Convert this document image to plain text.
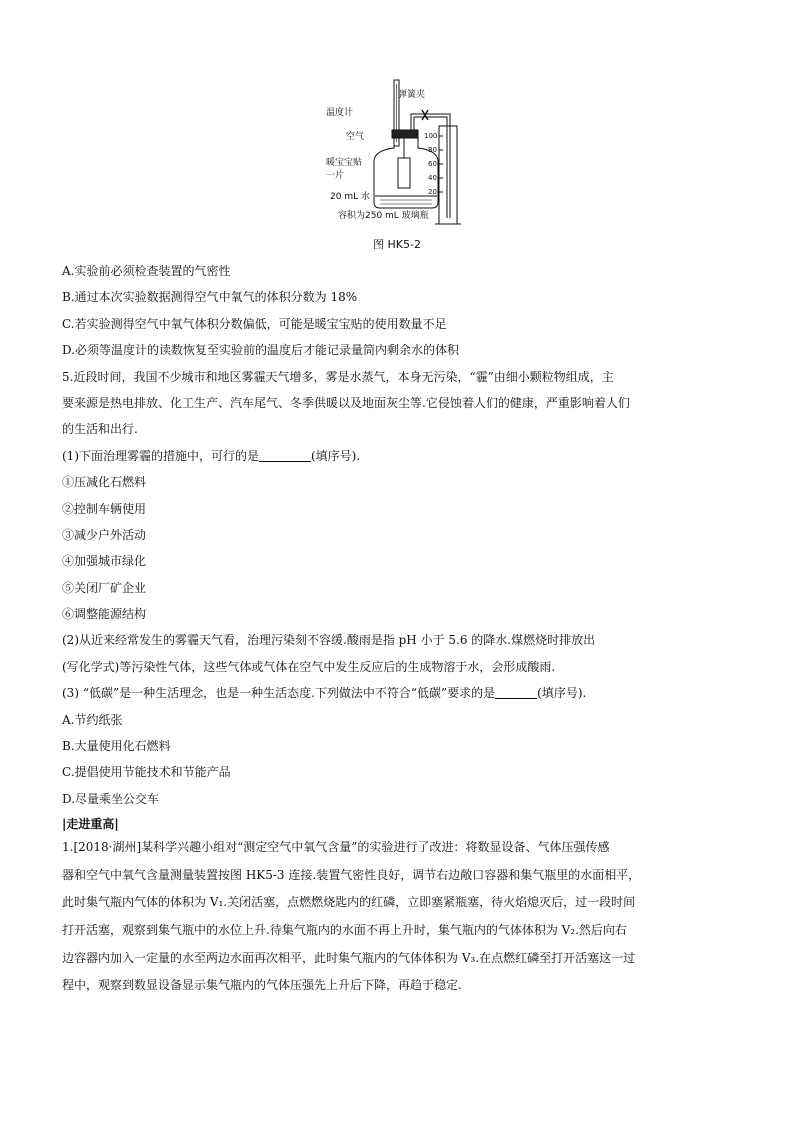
100
80
60
40
20
温度计
弹簧夹
空气
暖宝宝贴
一片
20 mL 水
容积为250 mL 玻璃瓶
图 HK5-2
A.实验前必须检查装置的气密性
B.通过本次实验数据测得空气中氧气的体积分数为 18%
C.若实验测得空气中氧气体积分数偏低，可能是暖宝宝贴的使用数量不足
D.必须等温度计的读数恢复至实验前的温度后才能记录量筒内剩余水的体积
5.近段时间，我国不少城市和地区雾霾天气增多，雾是水蒸气，本身无污染，“霾”由细小颗粒物组成，主
要来源是热电排放、化工生产、汽车尾气、冬季供暖以及地面灰尘等.它侵蚀着人们的健康，严重影响着人们
的生活和出行.
(1)下面治理雾霾的措施中，可行的是	(填序号).
①压减化石燃料
②控制车辆使用
③减少户外活动
④加强城市绿化
⑤关闭厂矿企业
⑥调整能源结构
(2)从近来经常发生的雾霾天气看，治理污染刻不容缓.酸雨是指 pH 小于 5.6 的降水.煤燃烧时排放出
(写化学式)等污染性气体，这些气体或气体在空气中发生反应后的生成物溶于水，会形成酸雨.
(3) “低碳”是一种生活理念，也是一种生活态度.下列做法中不符合“低碳”要求的是	(填序号).
A.节约纸张
B.大量使用化石燃料
C.提倡使用节能技术和节能产品
D.尽量乘坐公交车
|走进重高|
1.[2018·湖州]某科学兴趣小组对“测定空气中氧气含量”的实验进行了改进：将数显设备、气体压强传感
器和空气中氧气含量测量装置按图 HK5-3 连接.装置气密性良好，调节右边敞口容器和集气瓶里的水面相平，
此时集气瓶内气体的体积为 V₁.关闭活塞，点燃燃烧匙内的红磷，立即塞紧瓶塞，待火焰熄灭后，过一段时间
打开活塞，观察到集气瓶中的水位上升.待集气瓶内的水面不再上升时，集气瓶内的气体体积为 V₂.然后向右
边容器内加入一定量的水至两边水面再次相平，此时集气瓶内的气体体积为 V₃.在点燃红磷至打开活塞这一过
程中，观察到数显设备显示集气瓶内的气体压强先上升后下降，再趋于稳定.
